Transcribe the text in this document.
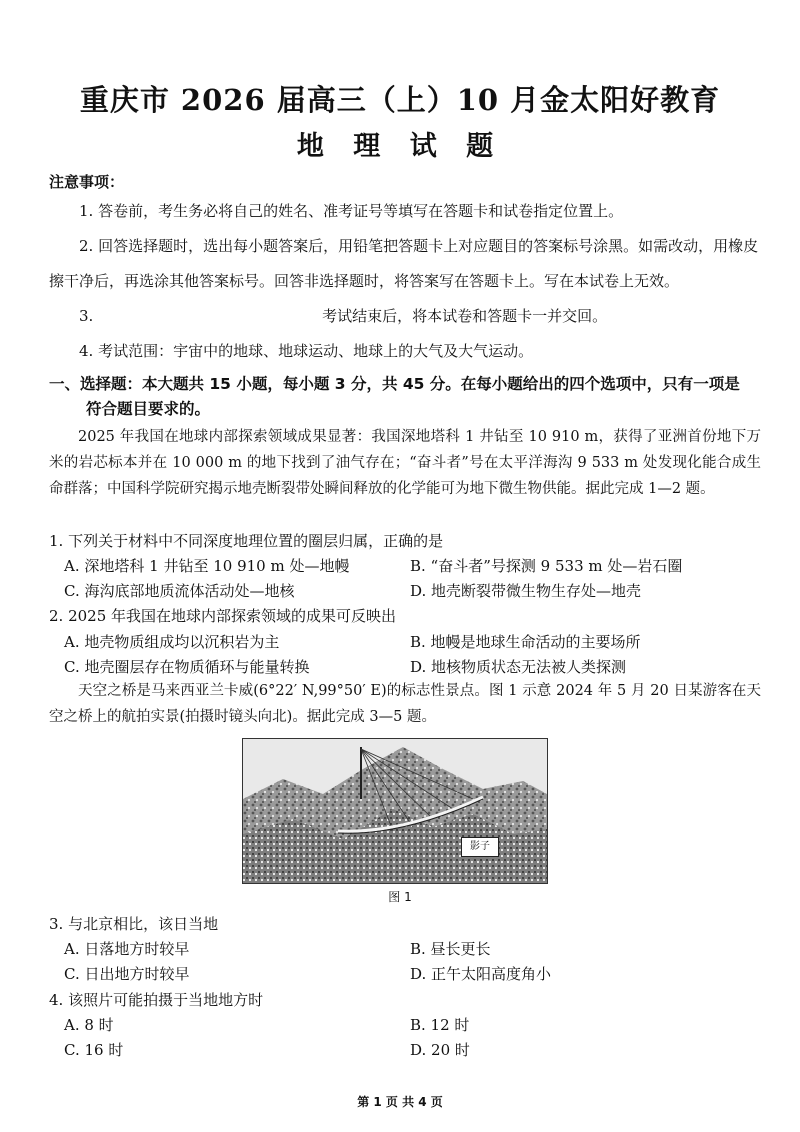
重庆市 2026 届高三（上）10 月金太阳好教育
地 理 试 题
注意事项：

1. 答卷前，考生务必将自己的姓名、准考证号等填写在答题卡和试卷指定位置上。

2. 回答选择题时，选出每小题答案后，用铅笔把答题卡上对应题目的答案标号涂黑。如需改动，用橡皮擦干净后，再选涂其他答案标号。回答非选择题时，将答案写在答题卡上。写在本试卷上无效。

3.                                                考试结束后，将本试卷和答题卡一并交回。

4. 考试范围：宇宙中的地球、地球运动、地球上的大气及大气运动。

一、选择题：本大题共 15 小题，每小题 3 分，共 45 分。在每小题给出的四个选项中，只有一项是
符合题目要求的。
2025 年我国在地球内部探索领域成果显著：我国深地塔科 1 井钻至 10 910 m，获得了亚洲首份地下万米的岩芯标本并在 10 000 m 的地下找到了油气存在；“奋斗者”号在太平洋海沟 9 533 m 处发现化能合成生命群落；中国科学院研究揭示地壳断裂带处瞬间释放的化学能可为地下微生物供能。据此完成 1—2 题。
1. 下列关于材料中不同深度地理位置的圈层归属，正确的是
A. 深地塔科 1 井钻至 10 910 m 处—地幔	B. “奋斗者”号探测 9 533 m 处—岩石圈
C. 海沟底部地质流体活动处—地核	D. 地壳断裂带微生物生存处—地壳
2. 2025 年我国在地球内部探索领域的成果可反映出
A. 地壳物质组成均以沉积岩为主	B. 地幔是地球生命活动的主要场所
C. 地壳圈层存在物质循环与能量转换	D. 地核物质状态无法被人类探测
天空之桥是马来西亚兰卡威(6°22′ N,99°50′ E)的标志性景点。图 1 示意 2024 年 5 月 20 日某游客在天空之桥上的航拍实景(拍摄时镜头向北)。据此完成 3—5 题。
影子
图 1
3. 与北京相比，该日当地
A. 日落地方时较早	B. 昼长更长
C. 日出地方时较早	D. 正午太阳高度角小
4. 该照片可能拍摄于当地地方时
A. 8 时	B. 12 时
C. 16 时	D. 20 时
第 1 页 共 4 页
